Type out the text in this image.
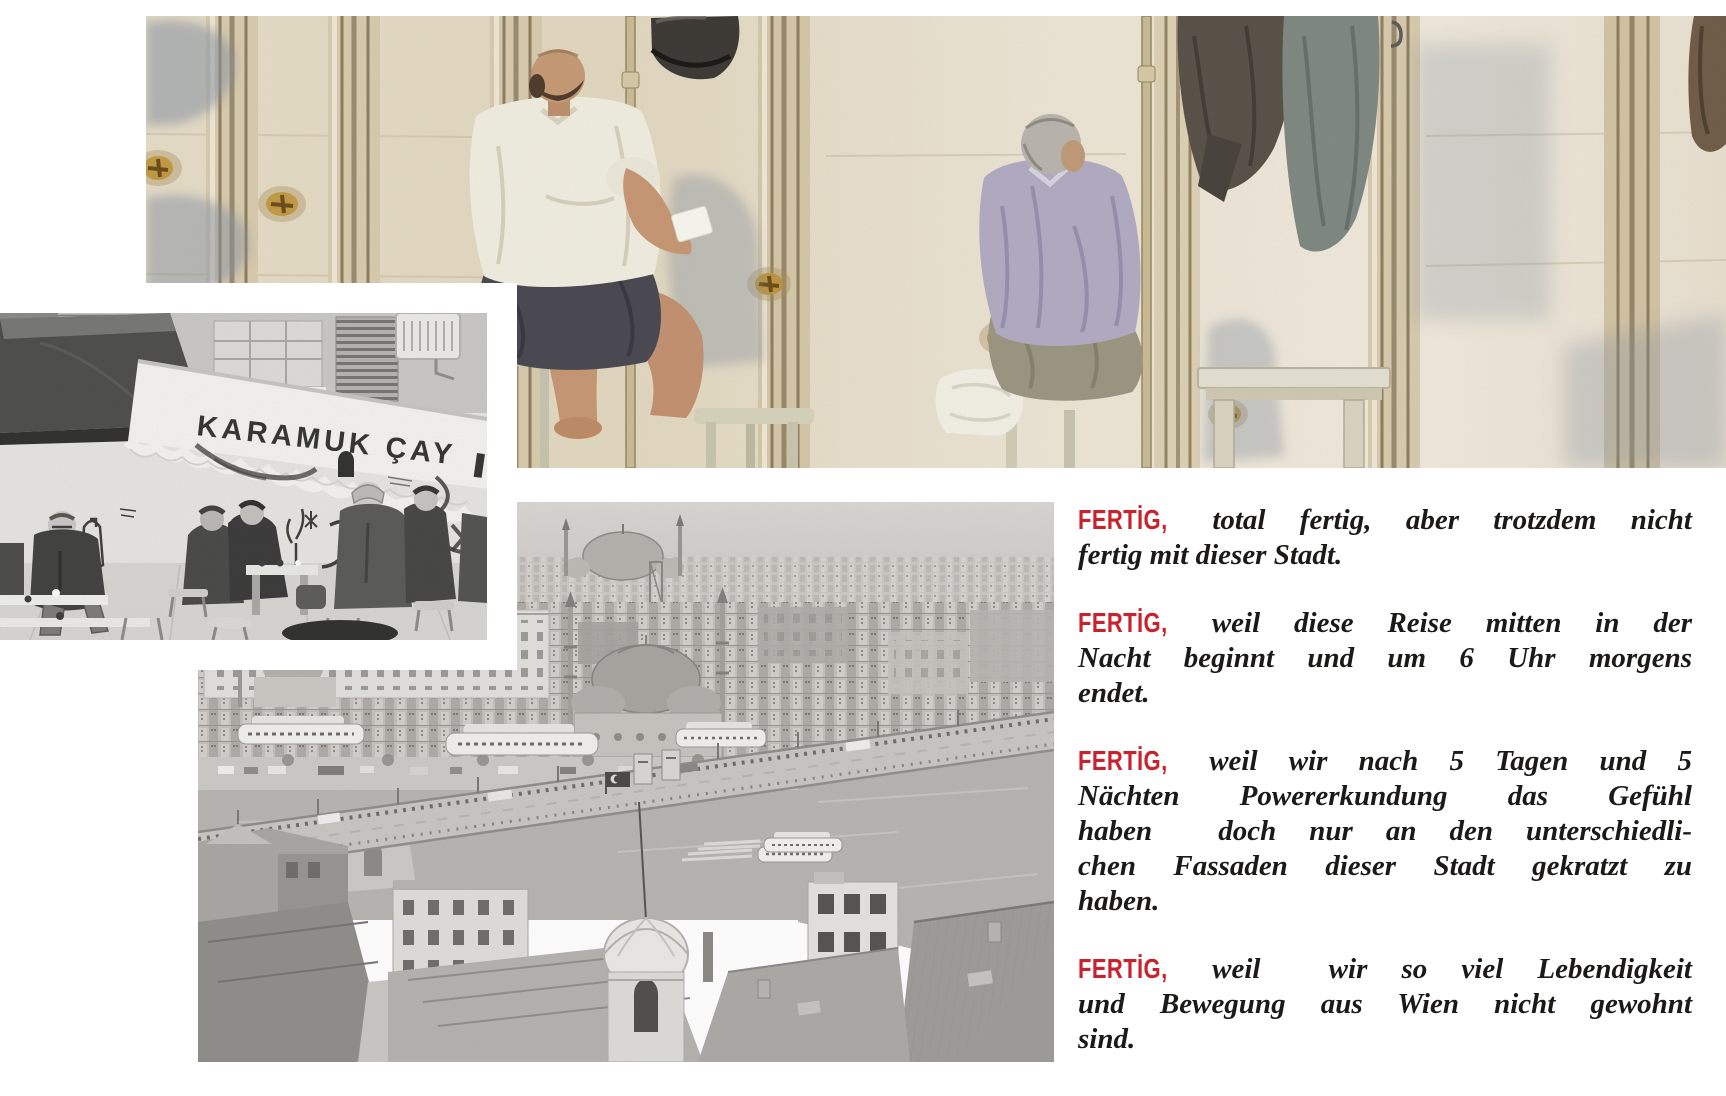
FERTİG, total fertig, aber trotzdem nicht
fertig mit dieser Stadt.

FERTİG, weil diese Reise mitten in der
Nacht beginnt und um 6 Uhr morgens
endet.

FERTİG, weil wir nach 5 Tagen und 5
Nächten Powererkundung das Gefühl
haben  doch nur an den unterschiedli-
chen Fassaden dieser Stadt gekratzt zu
haben.

FERTİG, weil  wir so viel Lebendigkeit
und Bewegung aus Wien nicht gewohnt
sind.
